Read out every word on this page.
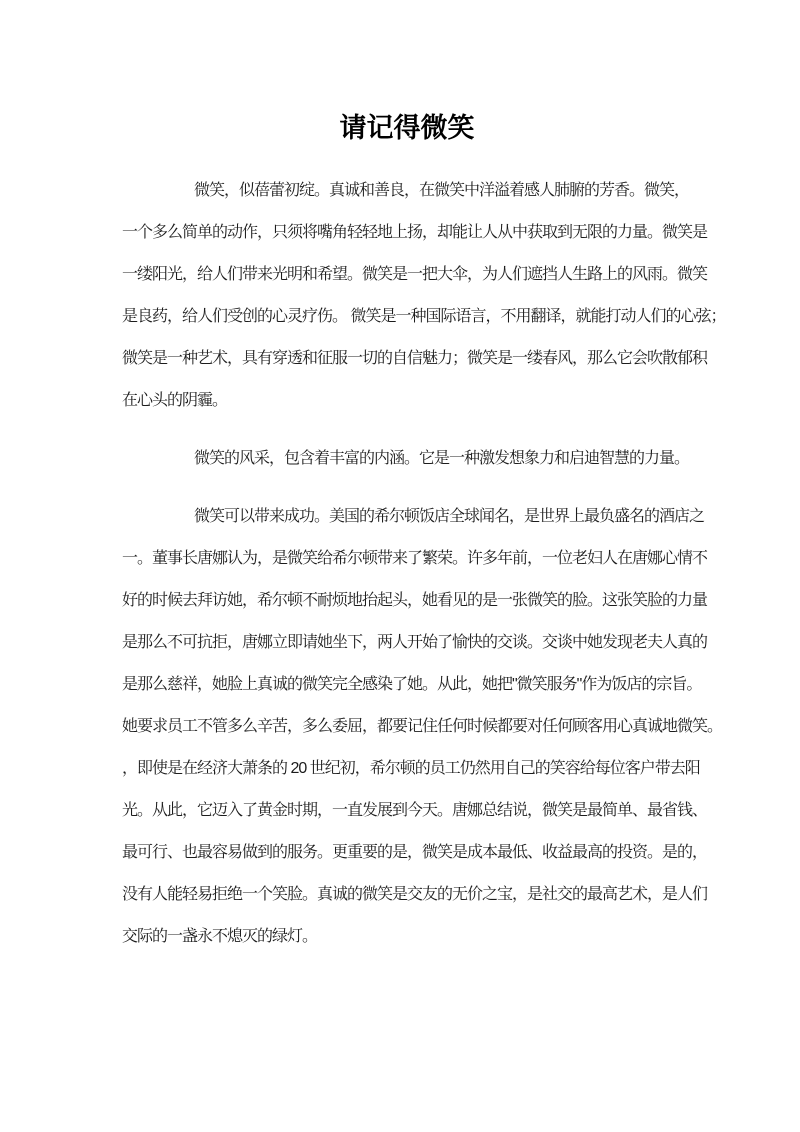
请记得微笑
微笑，似蓓蕾初绽。真诚和善良，在微笑中洋溢着感人肺腑的芳香。微笑，
一个多么简单的动作，只须将嘴角轻轻地上扬，却能让人从中获取到无限的力量。微笑是
一缕阳光，给人们带来光明和希望。微笑是一把大伞，为人们遮挡人生路上的风雨。微笑
是良药，给人们受创的心灵疗伤。 微笑是一种国际语言，不用翻译，就能打动人们的心弦；
微笑是一种艺术，具有穿透和征服一切的自信魅力；微笑是一缕春风，那么它会吹散郁积
在心头的阴霾。
微笑的风采，包含着丰富的内涵。它是一种激发想象力和启迪智慧的力量。
微笑可以带来成功。美国的希尔顿饭店全球闻名，是世界上最负盛名的酒店之
一。董事长唐娜认为，是微笑给希尔顿带来了繁荣。许多年前，一位老妇人在唐娜心情不
好的时候去拜访她，希尔顿不耐烦地抬起头，她看见的是一张微笑的脸。这张笑脸的力量
是那么不可抗拒，唐娜立即请她坐下，两人开始了愉快的交谈。交谈中她发现老夫人真的
是那么慈祥，她脸上真诚的微笑完全感染了她。从此，她把"微笑服务"作为饭店的宗旨。
她要求员工不管多么辛苦，多么委屈，都要记住任何时候都要对任何顾客用心真诚地微笑。
，即使是在经济大萧条的 20 世纪初，希尔顿的员工仍然用自己的笑容给每位客户带去阳
光。从此，它迈入了黄金时期，一直发展到今天。唐娜总结说，微笑是最简单、最省钱、
最可行、也最容易做到的服务。更重要的是，微笑是成本最低、收益最高的投资。是的，
没有人能轻易拒绝一个笑脸。真诚的微笑是交友的无价之宝，是社交的最高艺术，是人们
交际的一盏永不熄灭的绿灯。
